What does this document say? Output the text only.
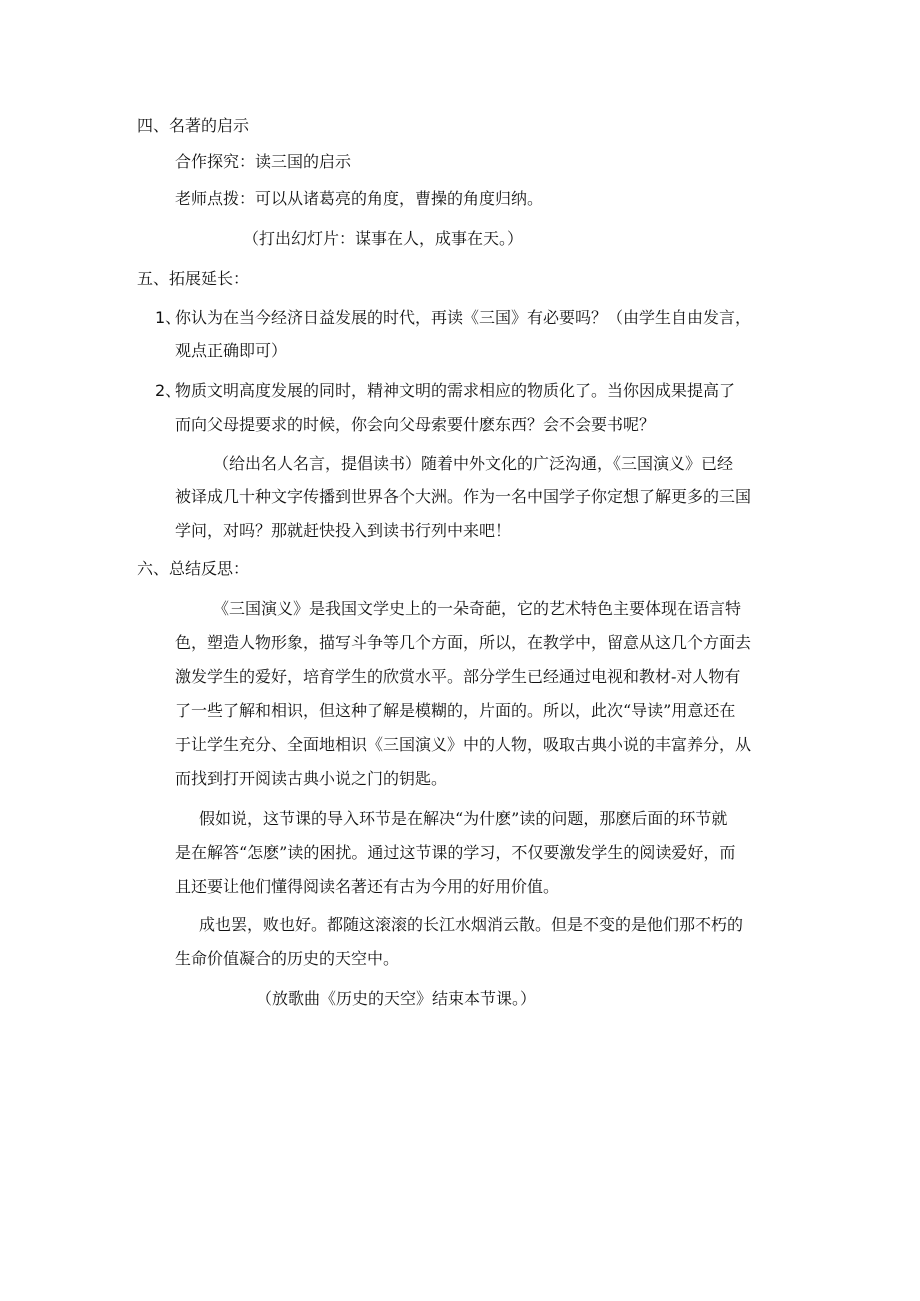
四、名著的启示
合作探究：读三国的启示
老师点拨：可以从诸葛亮的角度，曹操的角度归纳。
（打出幻灯片：谋事在人，成事在天。）
五、拓展延长：
1、
你认为在当今经济日益发展的时代，再读《三国》有必要吗？（由学生自由发言，
观点正确即可）
2、
物质文明高度发展的同时，精神文明的需求相应的物质化了。当你因成果提高了
而向父母提要求的时候，你会向父母索要什麽东西？会不会要书呢？
（给出名人名言，提倡读书）随着中外文化的广泛沟通，《三国演义》已经
被译成几十种文字传播到世界各个大洲。作为一名中国学子你定想了解更多的三国
学问，对吗？那就赶快投入到读书行列中来吧！
六、总结反思：
《三国演义》是我国文学史上的一朵奇葩，它的艺术特色主要体现在语言特
色，塑造人物形象，描写斗争等几个方面，所以，在教学中，留意从这几个方面去
激发学生的爱好，培育学生的欣赏水平。部分学生已经通过电视和教材-对人物有
了一些了解和相识，但这种了解是模糊的，片面的。所以，此次“导读”用意还在
于让学生充分、全面地相识《三国演义》中的人物，吸取古典小说的丰富养分，从
而找到打开阅读古典小说之门的钥匙。
假如说，这节课的导入环节是在解决“为什麽”读的问题，那麽后面的环节就
是在解答“怎麽”读的困扰。通过这节课的学习，不仅要激发学生的阅读爱好，而
且还要让他们懂得阅读名著还有古为今用的好用价值。
成也罢，败也好。都随这滚滚的长江水烟消云散。但是不变的是他们那不朽的
生命价值凝合的历史的天空中。
（放歌曲《历史的天空》结束本节课。）
